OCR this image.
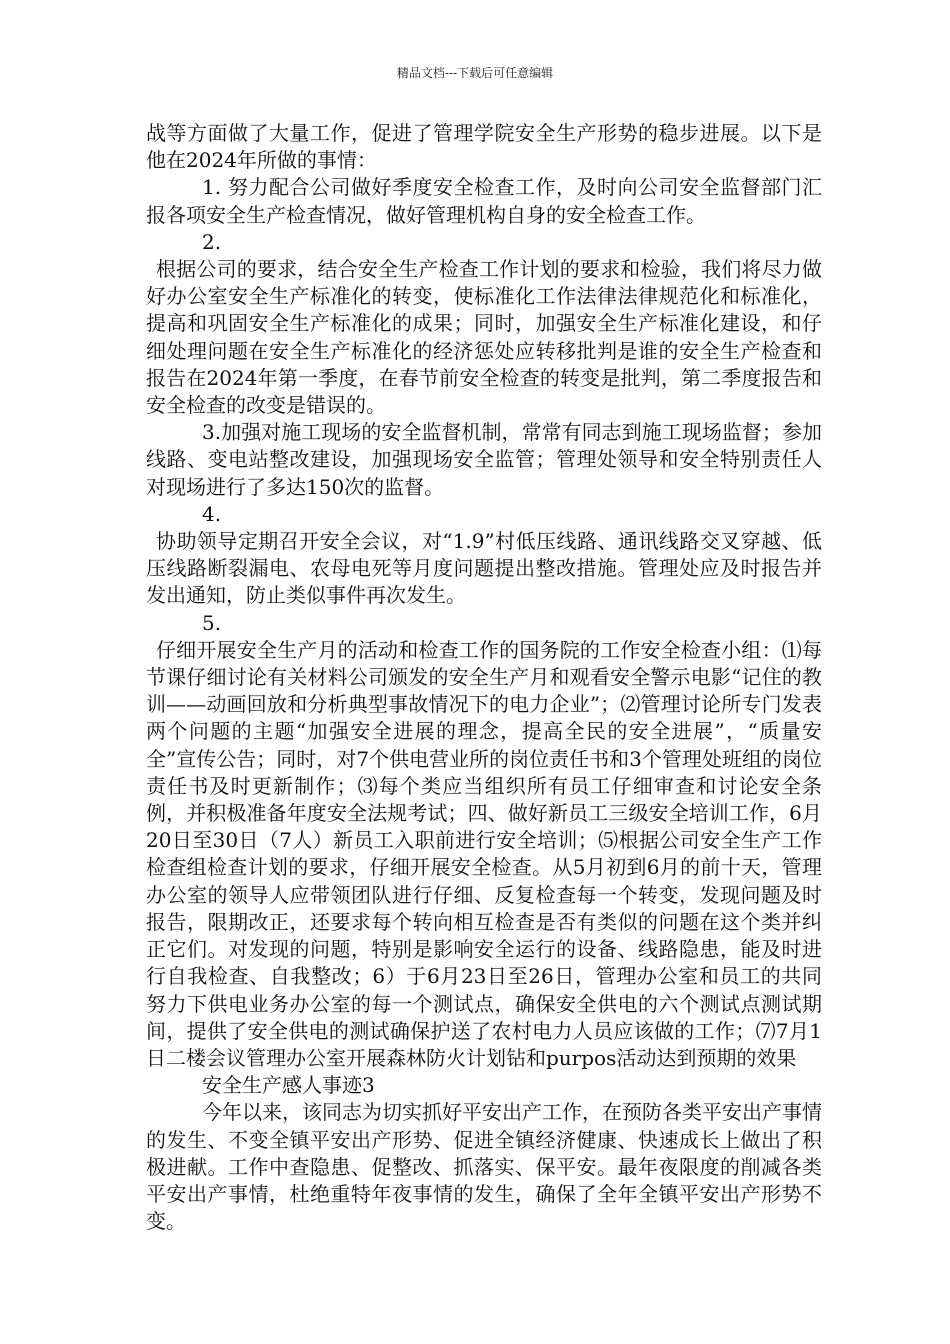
精品文档---下载后可任意编辑

战等方面做了大量工作，促进了管理学院安全生产形势的稳步进展。以下是他在2024年所做的事情：

1. 努力配合公司做好季度安全检查工作，及时向公司安全监督部门汇报各项安全生产检查情况，做好管理机构自身的安全检查工作。

2.

根据公司的要求，结合安全生产检查工作计划的要求和检验，我们将尽力做好办公室安全生产标准化的转变，使标准化工作法律法律规范化和标准化，提高和巩固安全生产标准化的成果；同时，加强安全生产标准化建设，和仔细处理问题在安全生产标准化的经济惩处应转移批判是谁的安全生产检查和报告在2024年第一季度，在春节前安全检查的转变是批判，第二季度报告和安全检查的改变是错误的。

3.加强对施工现场的安全监督机制，常常有同志到施工现场监督；参加线路、变电站整改建设，加强现场安全监管；管理处领导和安全特别责任人对现场进行了多达150次的监督。

4.

协助领导定期召开安全会议，对“1.9”村低压线路、通讯线路交叉穿越、低压线路断裂漏电、农母电死等月度问题提出整改措施。管理处应及时报告并发出通知，防止类似事件再次发生。

5.

仔细开展安全生产月的活动和检查工作的国务院的工作安全检查小组：⑴每节课仔细讨论有关材料公司颁发的安全生产月和观看安全警示电影“记住的教训——动画回放和分析典型事故情况下的电力企业”；⑵管理讨论所专门发表两个问题的主题“加强安全进展的理念，提高全民的安全进展”，“质量安全”宣传公告；同时，对7个供电营业所的岗位责任书和3个管理处班组的岗位责任书及时更新制作；⑶每个类应当组织所有员工仔细审查和讨论安全条例，并积极准备年度安全法规考试；四、做好新员工三级安全培训工作，6月20日至30日（7人）新员工入职前进行安全培训；⑸根据公司安全生产工作检查组检查计划的要求，仔细开展安全检查。从5月初到6月的前十天，管理办公室的领导人应带领团队进行仔细、反复检查每一个转变，发现问题及时报告，限期改正，还要求每个转向相互检查是否有类似的问题在这个类并纠正它们。对发现的问题，特别是影响安全运行的设备、线路隐患，能及时进行自我检查、自我整改；6）于6月23日至26日，管理办公室和员工的共同努力下供电业务办公室的每一个测试点，确保安全供电的六个测试点测试期间，提供了安全供电的测试确保护送了农村电力人员应该做的工作；⑺7月1日二楼会议管理办公室开展森林防火计划钻和purpos活动达到预期的效果

安全生产感人事迹3

今年以来，该同志为切实抓好平安出产工作，在预防各类平安出产事情的发生、不变全镇平安出产形势、促进全镇经济健康、快速成长上做出了积极进献。工作中查隐患、促整改、抓落实、保平安。最年夜限度的削减各类平安出产事情，杜绝重特年夜事情的发生，确保了全年全镇平安出产形势不变。
